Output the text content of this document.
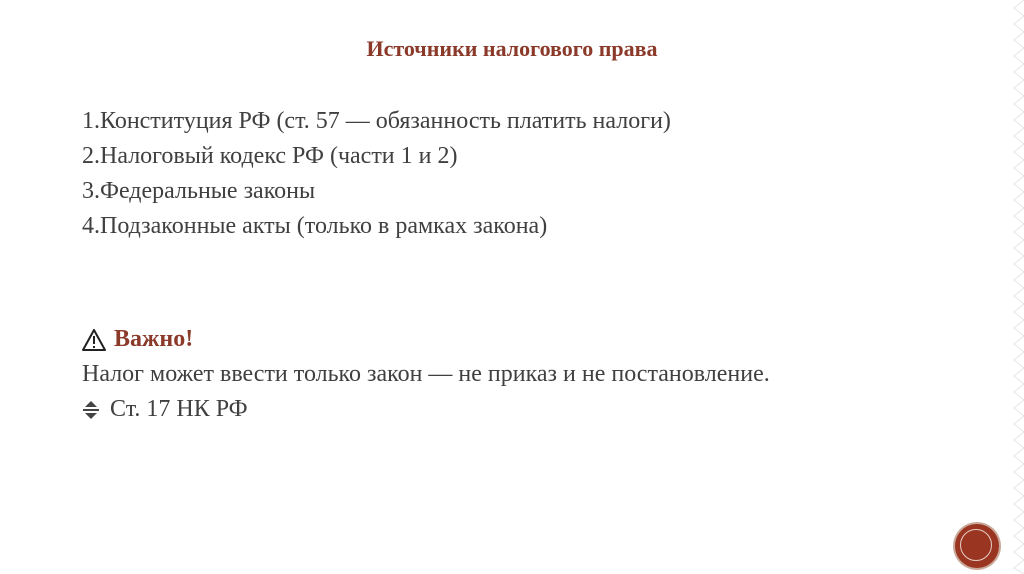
Источники налогового права
1.Конституция РФ (ст. 57 — обязанность платить налоги)
2.Налоговый кодекс РФ (части 1 и 2)
3.Федеральные законы
4.Подзаконные акты (только в рамках закона)
Важно!
Налог может ввести только закон — не приказ и не постановление.
Ст. 17 НК РФ
